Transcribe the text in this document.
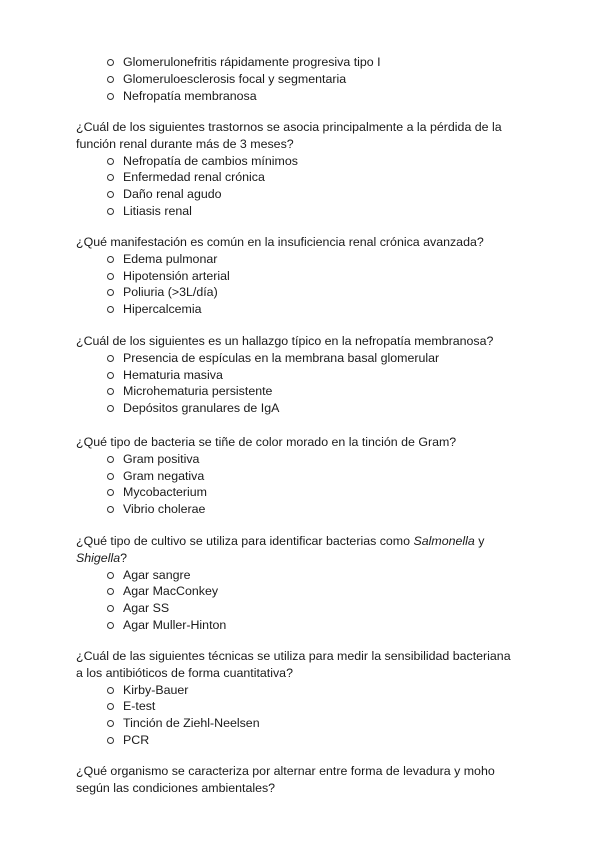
Glomerulonefritis rápidamente progresiva tipo I
Glomeruloesclerosis focal y segmentaria
Nefropatía membranosa

¿Cuál de los siguientes trastornos se asocia principalmente a la pérdida de la
función renal durante más de 3 meses?

Nefropatía de cambios mínimos
Enfermedad renal crónica
Daño renal agudo
Litiasis renal

¿Qué manifestación es común en la insuficiencia renal crónica avanzada?

Edema pulmonar
Hipotensión arterial
Poliuria (>3L/día)
Hipercalcemia

¿Cuál de los siguientes es un hallazgo típico en la nefropatía membranosa?

Presencia de espículas en la membrana basal glomerular
Hematuria masiva
Microhematuria persistente
Depósitos granulares de IgA

¿Qué tipo de bacteria se tiñe de color morado en la tinción de Gram?

Gram positiva
Gram negativa
Mycobacterium
Vibrio cholerae

¿Qué tipo de cultivo se utiliza para identificar bacterias como Salmonella y
Shigella?

Agar sangre
Agar MacConkey
Agar SS
Agar Muller-Hinton

¿Cuál de las siguientes técnicas se utiliza para medir la sensibilidad bacteriana
a los antibióticos de forma cuantitativa?

Kirby-Bauer
E-test
Tinción de Ziehl-Neelsen
PCR

¿Qué organismo se caracteriza por alternar entre forma de levadura y moho
según las condiciones ambientales?
